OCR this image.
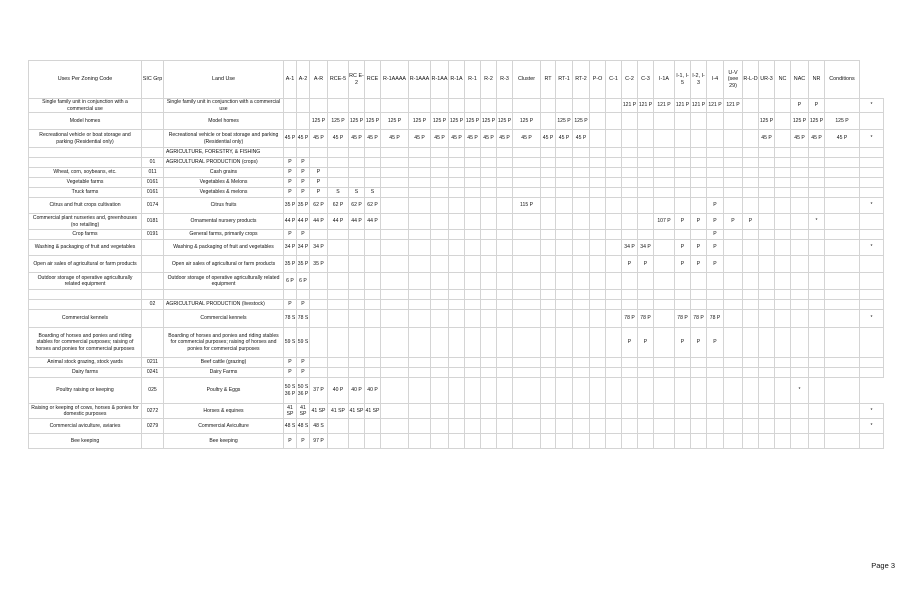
Uses Per Zoning Code	SIC Grp	Land Use	A-1	A-2	A-R	RCE-5	RC E-2	RCE	R-1AAAA	R-1AAA	R-1AA	R-1A	R-1	R-2	R-3	Cluster	RT	RT-1	RT-2	P-O	C-1	C-2	C-3	I-1A	I-1, I-5	I-2, I-3	I-4	U-V (see 29)	R-L-D	UR-3	NC	NAC	NR	Conditions	
Single family unit in conjunction with a commercial use		Single family unit in conjunction with a commercial use																				121 P	121 P	121 P	121 P	121 P	121 P	121 P				P	P		*
Model homes		Model homes			125 P	125 P	125 P	125 P	125 P	125 P	125 P	125 P	125 P	125 P	125 P	125 P		125 P	125 P											125 P		125 P	125 P	125 P	
Recreational vehicle or boat storage and parking (Residential only)		Recreational vehicle or boat storage and parking (Residential only)	45 P	45 P	45 P	45 P	45 P	45 P	45 P	45 P	45 P	45 P	45 P	45 P	45 P	45 P	45 P	45 P	45 P											45 P		45 P	45 P	45 P	*
		AGRICULTURE, FORESTRY, & FISHING																																	
	01	AGRICULTURAL PRODUCTION (crops)	P	P																															
Wheat, corn, soybeans, etc.	011	Cash grains	P	P	P																														
Vegetable farms	0161	Vegetables & Melons	P	P	P																														
Truck farms	0161	Vegetables & melons	P	P	P	S	S	S																											
Citrus and fruit crops cultivation	0174	Citrus fruits	35 P	35 P	62 P	62 P	62 P	62 P								115 P											P								*
Commercial plant nurseries and, greenhouses (no retailing)	0181	Ornamental nursery products	44 P	44 P	44 P	44 P	44 P	44 P																107 P	P	P	P	P	P				*		
Crop farms	0191	General farms, primarily crops	P	P																							P								
Washing & packaging of fruit and vegetables		Washing & packaging of fruit and vegetables	34 P	34 P	34 P																	34 P	34 P		P	P	P								*
Open air sales of agricultural or farm products		Open air sales of agricultural or farm products	35 P	35 P	35 P																	P	P		P	P	P								
Outdoor storage of operative agriculturally related equipment		Outdoor storage of operative agriculturally related equipment	6 P	6 P																															

	02	AGRICULTURAL PRODUCTION (livestock)	P	P																															
Commercial kennels		Commercial kennels	78 S	78 S																		78 P	78 P		78 P	78 P	78 P								*
Boarding of horses and ponies and riding stables for commercial purposes; raising of horses and ponies for commercial purposes		Boarding of horses and ponies and riding stables for commercial purposes; raising of horses and ponies for commercial purposes	59 S	59 S																		P	P		P	P	P								
Animal stock grazing, stock yards	0211	Beef cattle (grazing)	P	P																															
Dairy farms	0241	Dairy Farms	P	P																															
Poultry raising or keeping	025	Poultry & Eggs	50 S 36 P	50 S 36 P	37 P	40 P	40 P	40 P																								*			
Raising or keeping of cows, horses & ponies for domestic purposes	0272	Horses & equines	41 SP	41 SP	41 SP	41 SP	41 SP	41 SP																											*
Commercial aviculture, aviaries	0279	Commercial Aviculture	48 S	48 S	48 S																														*
Bee keeping		Bee keeping	P	P	97 P																														
Page 3
